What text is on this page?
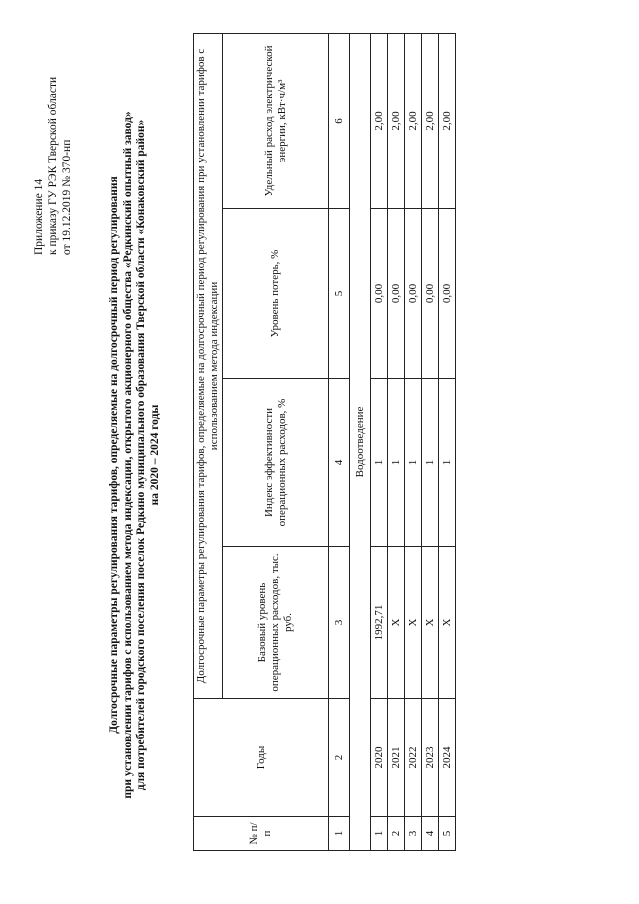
Приложение 14 к приказу ГУ РЭК Тверской области от 19.12.2019 № 370-нп	Долгосрочные параметры регулирования тарифов, определяемые на долгосрочный период регулирования при установлении тарифов с использованием метода индексации, открытого акционерного общества «Редкинский опытный завод» для потребителей городского поселения поселок Редкино муниципального образования Тверской области «Конаковский район» на 2020 – 2024 годы
№ п/п	Годы	Долгосрочные параметры регулирования тарифов, определяемые на долгосрочный период регулирования при установлении тарифов с использованием метода индексации			
		Базовый уровень операционных расходов, тыс. руб.	Индекс эффективности операционных расходов, %	Уровень потерь, %	Удельный расход электрической энергии, кВт·ч/м³
1	2	3	4	5	6
Водоотведение					
1	2020	1992,71	1	0,00	2,00
2	2021	X	1	0,00	2,00
3	2022	X	1	0,00	2,00
4	2023	X	1	0,00	2,00
5	2024	X	1	0,00	2,00
